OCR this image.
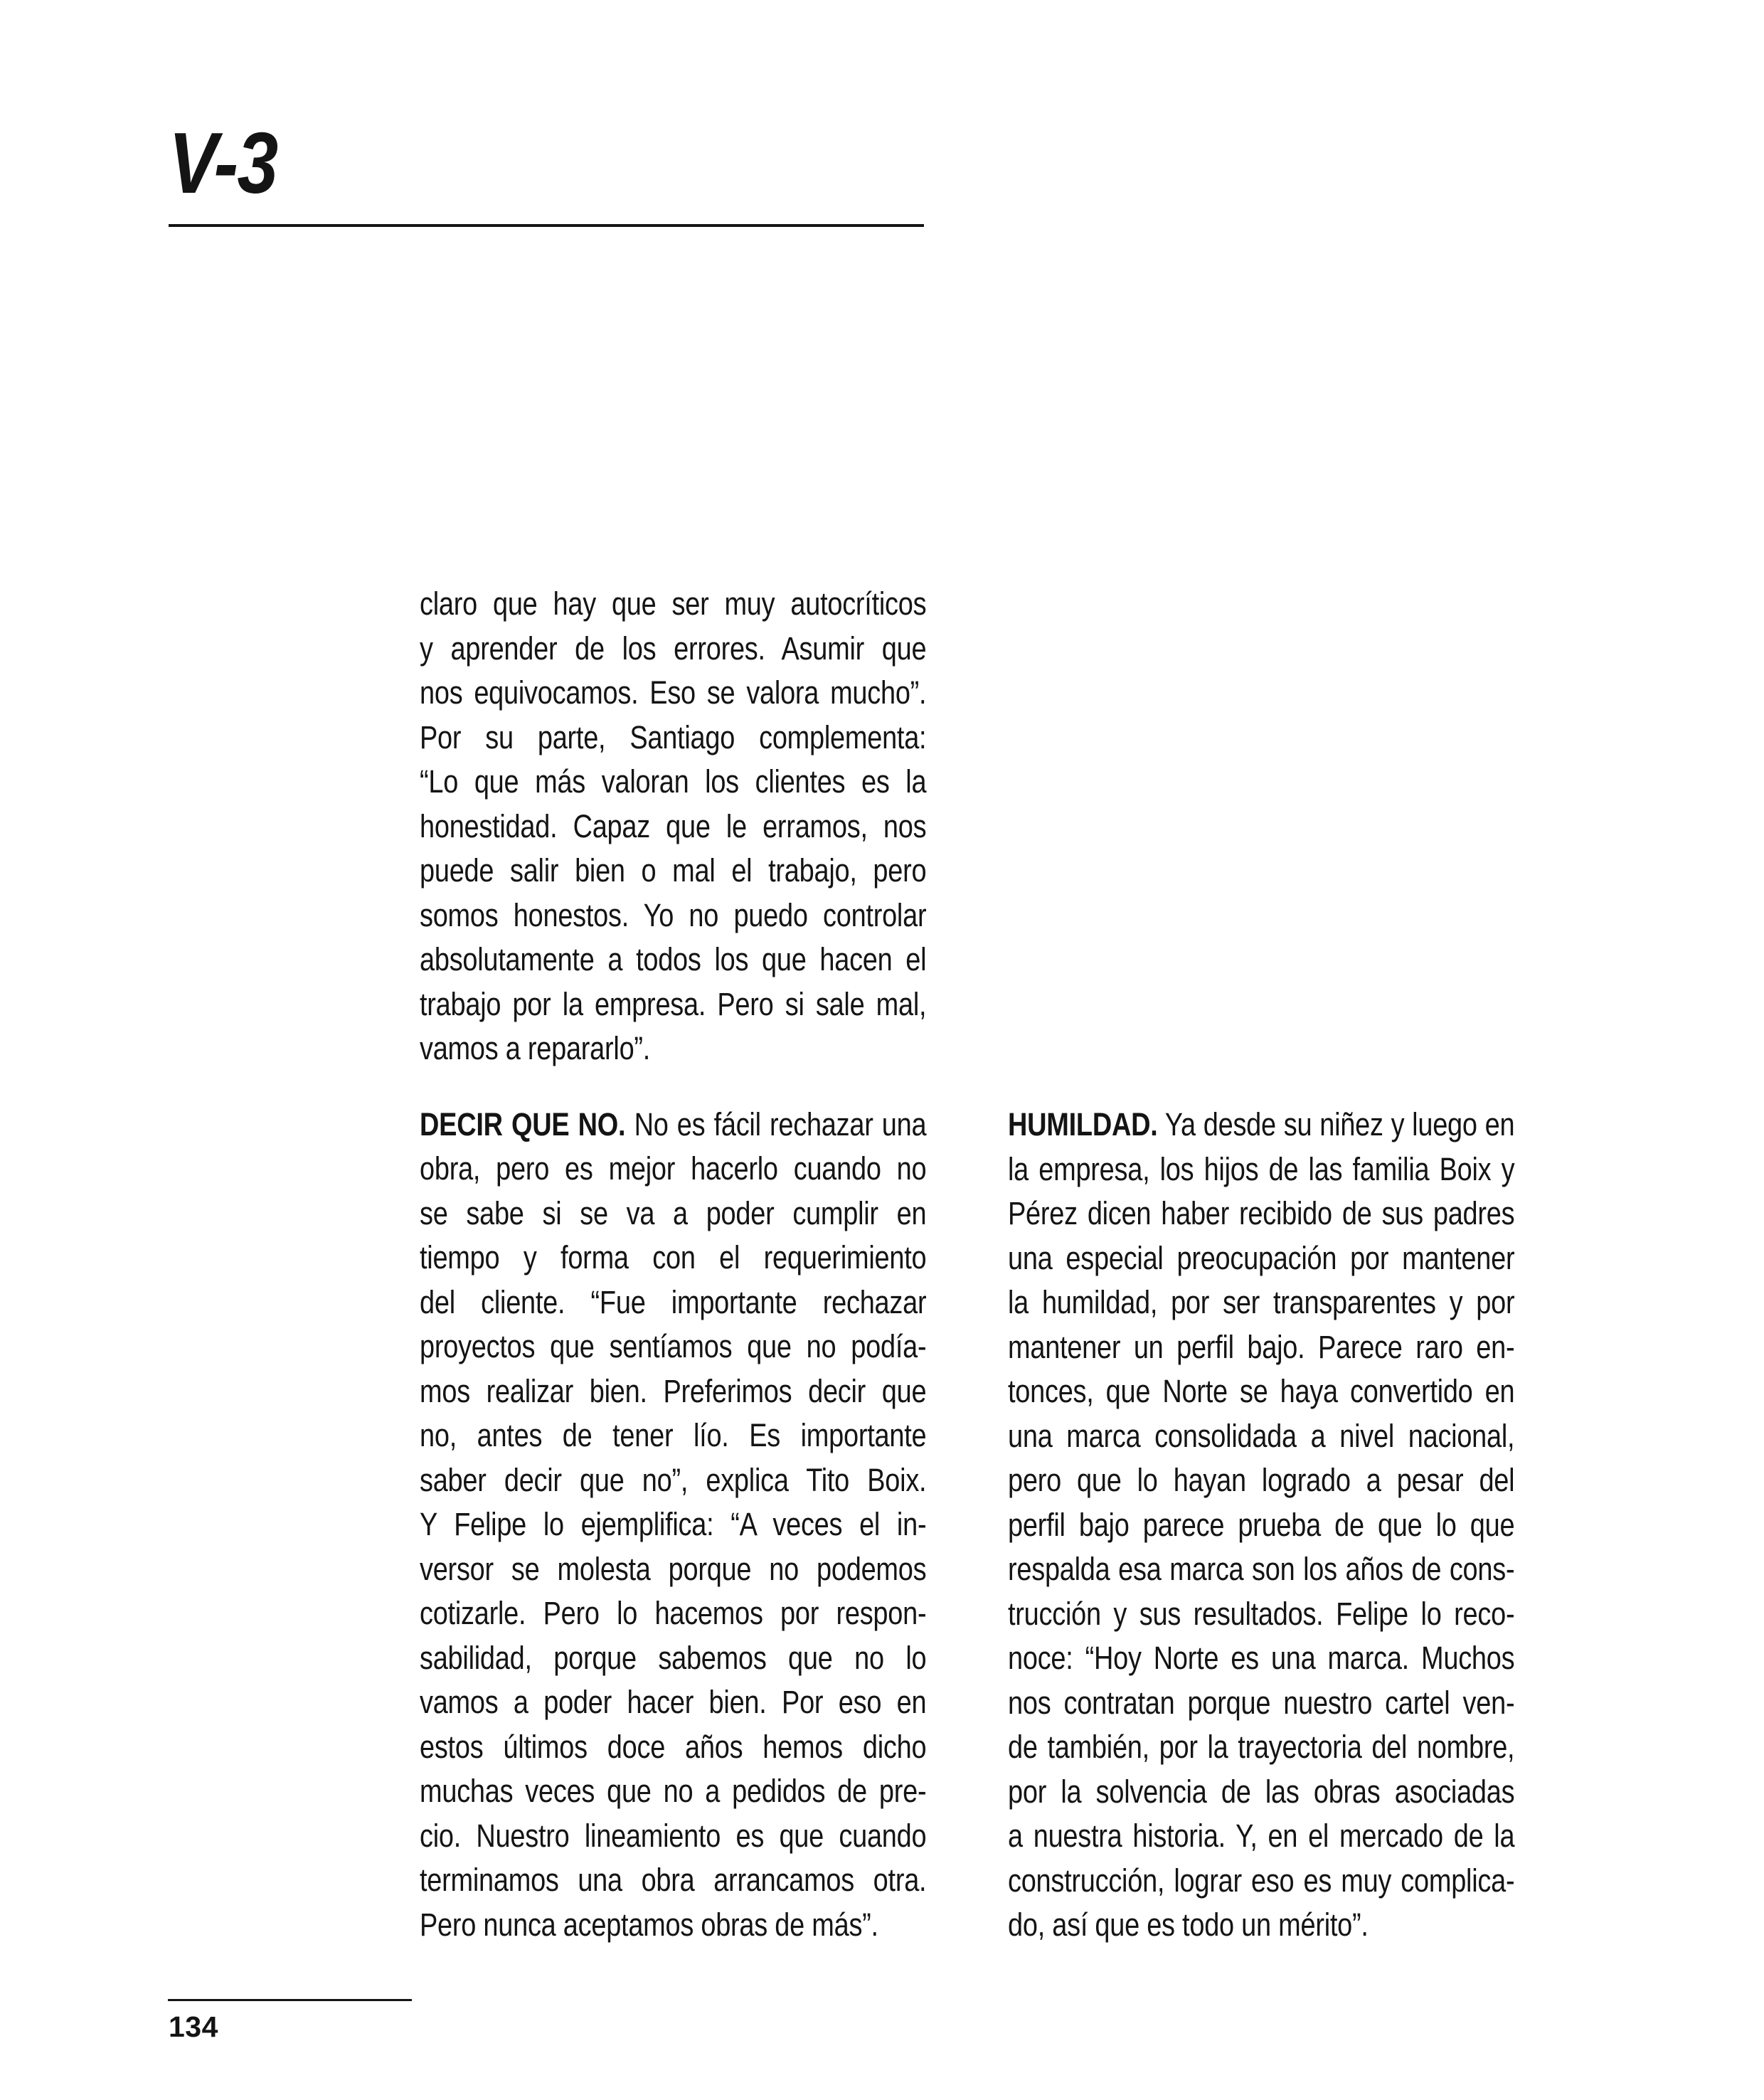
V-3
claro que hay que ser muy autocríticos
y aprender de los errores. Asumir que
nos equivocamos. Eso se valora mucho”.
Por su parte, Santiago complementa:
“Lo que más valoran los clientes es la
honestidad. Capaz que le erramos, nos
puede salir bien o mal el trabajo, pero
somos honestos. Yo no puedo controlar
absolutamente a todos los que hacen el
trabajo por la empresa. Pero si sale mal,
vamos a repararlo”.
DECIR QUE NO. No es fácil rechazar una
obra, pero es mejor hacerlo cuando no
se sabe si se va a poder cumplir en
tiempo y forma con el requerimiento
del cliente. “Fue importante rechazar
proyectos que sentíamos que no podía-
mos realizar bien. Preferimos decir que
no, antes de tener lío. Es importante
saber decir que no”, explica Tito Boix.
Y Felipe lo ejemplifica: “A veces el in-
versor se molesta porque no podemos
cotizarle. Pero lo hacemos por respon-
sabilidad, porque sabemos que no lo
vamos a poder hacer bien. Por eso en
estos últimos doce años hemos dicho
muchas veces que no a pedidos de pre-
cio. Nuestro lineamiento es que cuando
terminamos una obra arrancamos otra.
Pero nunca aceptamos obras de más”.
HUMILDAD. Ya desde su niñez y luego en
la empresa, los hijos de las familia Boix y
Pérez dicen haber recibido de sus padres
una especial preocupación por mantener
la humildad, por ser transparentes y por
mantener un perfil bajo. Parece raro en-
tonces, que Norte se haya convertido en
una marca consolidada a nivel nacional,
pero que lo hayan logrado a pesar del
perfil bajo parece prueba de que lo que
respalda esa marca son los años de cons-
trucción y sus resultados. Felipe lo reco-
noce: “Hoy Norte es una marca. Muchos
nos contratan porque nuestro cartel ven-
de también, por la trayectoria del nombre,
por la solvencia de las obras asociadas
a nuestra historia. Y, en el mercado de la
construcción, lograr eso es muy complica-
do, así que es todo un mérito”.
134
